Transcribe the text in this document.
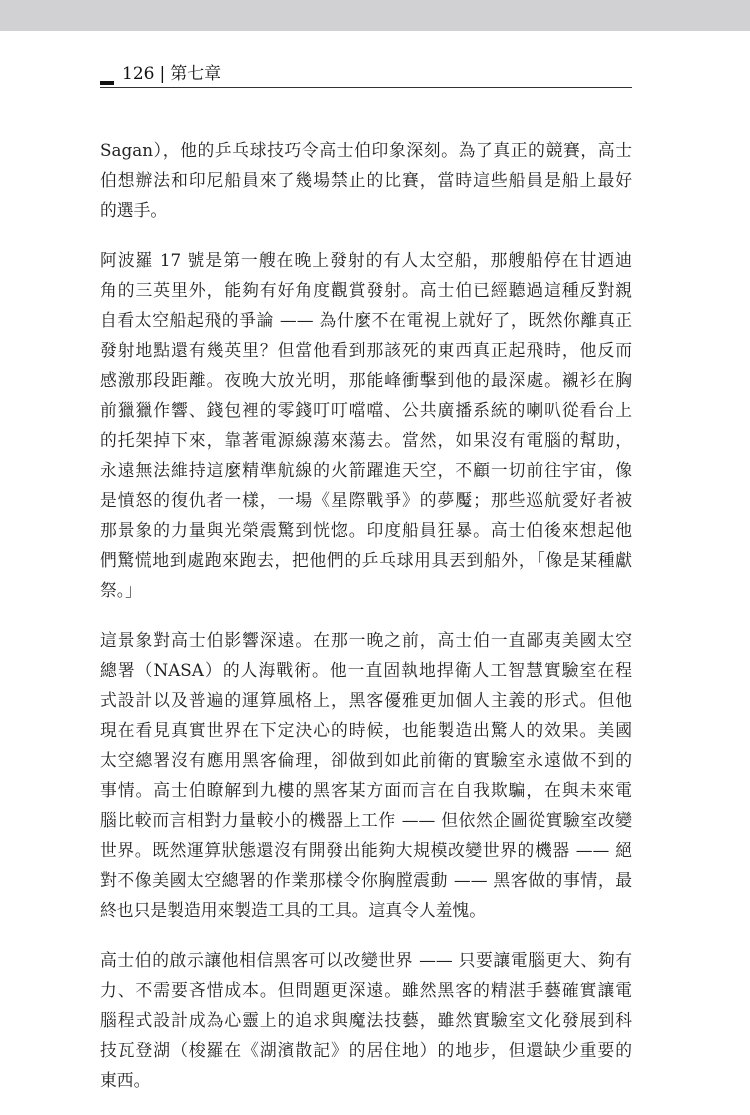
126 | 第七章
Sagan），他的乒乓球技巧令高士伯印象深刻。為了真正的競賽，高士
伯想辦法和印尼船員來了幾場禁止的比賽，當時這些船員是船上最好
的選手。
阿波羅 17 號是第一艘在晚上發射的有人太空船，那艘船停在甘迺迪
角的三英里外，能夠有好角度觀賞發射。高士伯已經聽過這種反對親
自看太空船起飛的爭論 —— 為什麼不在電視上就好了，既然你離真正
發射地點還有幾英里？但當他看到那該死的東西真正起飛時，他反而
感激那段距離。夜晚大放光明，那能峰衝擊到他的最深處。襯衫在胸
前獵獵作響、錢包裡的零錢叮叮噹噹、公共廣播系統的喇叭從看台上
的托架掉下來，靠著電源線蕩來蕩去。當然，如果沒有電腦的幫助，
永遠無法維持這麼精準航線的火箭躍進天空，不顧一切前往宇宙，像
是憤怒的復仇者一樣，一場《星際戰爭》的夢魘；那些巡航愛好者被
那景象的力量與光榮震驚到恍惚。印度船員狂暴。高士伯後來想起他
們驚慌地到處跑來跑去，把他們的乒乓球用具丟到船外，「像是某種獻
祭。」
這景象對高士伯影響深遠。在那一晚之前，高士伯一直鄙夷美國太空
總署（NASA）的人海戰術。他一直固執地捍衛人工智慧實驗室在程
式設計以及普遍的運算風格上，黑客優雅更加個人主義的形式。但他
現在看見真實世界在下定決心的時候，也能製造出驚人的效果。美國
太空總署沒有應用黑客倫理，卻做到如此前衛的實驗室永遠做不到的
事情。高士伯瞭解到九樓的黑客某方面而言在自我欺騙，在與未來電
腦比較而言相對力量較小的機器上工作 —— 但依然企圖從實驗室改變
世界。既然運算狀態還沒有開發出能夠大規模改變世界的機器 —— 絕
對不像美國太空總署的作業那樣令你胸膛震動 —— 黑客做的事情，最
終也只是製造用來製造工具的工具。這真令人羞愧。
高士伯的啟示讓他相信黑客可以改變世界 —— 只要讓電腦更大、夠有
力、不需要吝惜成本。但問題更深遠。雖然黑客的精湛手藝確實讓電
腦程式設計成為心靈上的追求與魔法技藝，雖然實驗室文化發展到科
技瓦登湖（梭羅在《湖濱散記》的居住地）的地步，但還缺少重要的
東西。
